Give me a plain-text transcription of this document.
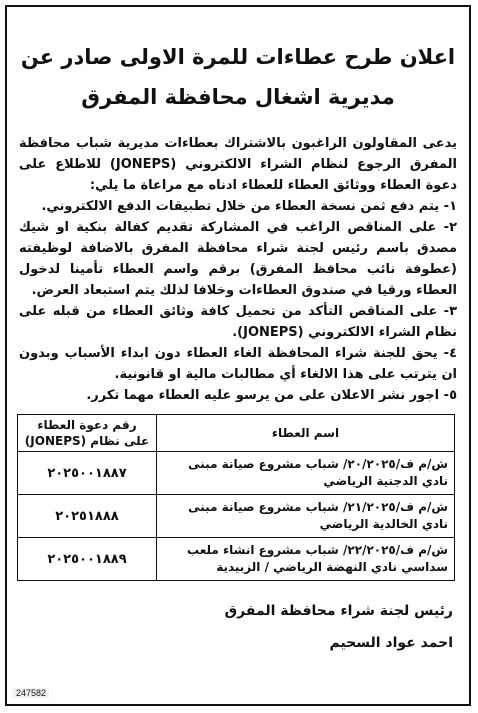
اعلان طرح عطاءات للمرة الاولى صادر عن
مديرية اشغال محافظة المفرق
يدعى المقاولون الراغبون بالاشتراك بعطاءات مديرية شباب محافظة المفرق الرجوع لنظام الشراء الالكتروني (JONEPS) للاطلاع على دعوة العطاء ووثائق العطاء للعطاء ادناه مع مراعاة ما يلي:
١- يتم دفع ثمن نسخة العطاء من خلال تطبيقات الدفع الالكتروني.
٢- على المناقص الراغب في المشاركة تقديم كفالة بنكية او شيك مصدق باسم رئيس لجنة شراء محافظة المفرق بالاضافة لوظيفته (عطوفة نائب محافظ المفرق) برقم واسم العطاء تأمينا لدخول العطاء ورقيا في صندوق العطاءات وخلافا لذلك يتم استبعاد العرض.
٣- على المناقص التأكد من تحميل كافة وثائق العطاء من قبله على نظام الشراء الالكتروني (JONEPS).
٤- يحق للجنة شراء المحافظة الغاء العطاء دون ابداء الأسباب وبدون ان يترتب على هذا الالغاء أي مطالبات مالية او قانونية.
٥- اجور نشر الاعلان على من يرسو عليه العطاء مهما تكرر.
اسم العطاء	رقم دعوة العطاء على نظام (JONEPS)
ش/م ف/٢٠/٢٠٢٥/ شباب مشروع صيانة مبنى نادي الدجنية الرياضي	٢٠٢٥٠٠١٨٨٧
ش/م ف/٢١/٢٠٢٥/ شباب مشروع صيانة مبنى نادي الخالدية الرياضي	٢٠٢٥١٨٨٨
ش/م ف/٢٢/٢٠٢٥/ شباب مشروع انشاء ملعب سداسي نادي النهضة الرياضي / الزبيدية	٢٠٢٥٠٠١٨٨٩
رئيس لجنة شراء محافظة المفرق
احمد عواد السحيم
247582
